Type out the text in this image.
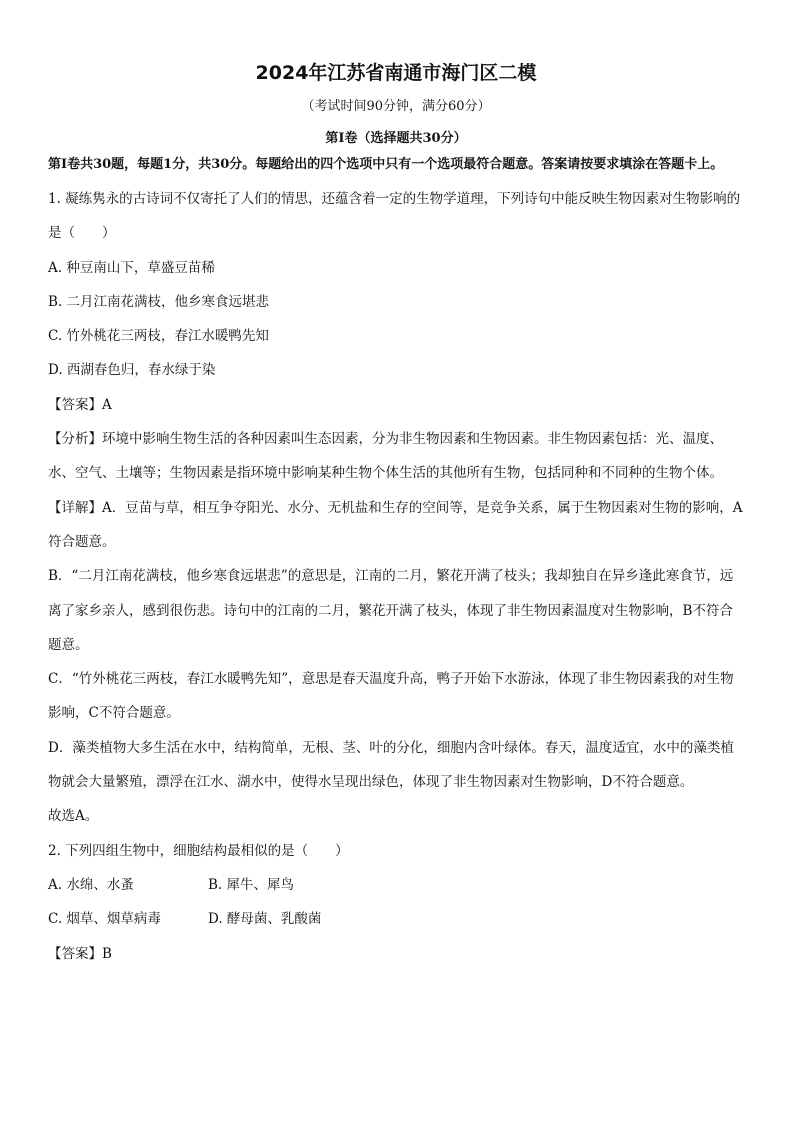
2024年江苏省南通市海门区二模
（考试时间90分钟，满分60分）
第Ⅰ卷（选择题共30分）
第Ⅰ卷共30题，每题1分，共30分。每题给出的四个选项中只有一个选项最符合题意。答案请按要求填涂在答题卡上。

1. 凝练隽永的古诗词不仅寄托了人们的情思，还蕴含着一定的生物学道理，下列诗句中能反映生物因素对生物影响的是（　　）

A. 种豆南山下，草盛豆苗稀

B. 二月江南花满枝，他乡寒食远堪悲

C. 竹外桃花三两枝，春江水暖鸭先知

D. 西湖春色归，春水绿于染

【答案】A

【分析】环境中影响生物生活的各种因素叫生态因素，分为非生物因素和生物因素。非生物因素包括：光、温度、水、空气、土壤等；生物因素是指环境中影响某种生物个体生活的其他所有生物，包括同种和不同种的生物个体。

【详解】A．豆苗与草，相互争夺阳光、水分、无机盐和生存的空间等，是竞争关系，属于生物因素对生物的影响，A符合题意。

B．“二月江南花满枝，他乡寒食远堪悲”的意思是，江南的二月，繁花开满了枝头；我却独自在异乡逢此寒食节，远离了家乡亲人，感到很伤悲。诗句中的江南的二月，繁花开满了枝头，体现了非生物因素温度对生物影响，B不符合题意。

C．“竹外桃花三两枝，春江水暖鸭先知”，意思是春天温度升高，鸭子开始下水游泳，体现了非生物因素我的对生物影响，C不符合题意。

D．藻类植物大多生活在水中，结构简单，无根、茎、叶的分化，细胞内含叶绿体。春天，温度适宜，水中的藻类植物就会大量繁殖，漂浮在江水、湖水中，使得水呈现出绿色，体现了非生物因素对生物影响，D不符合题意。

故选A。

2. 下列四组生物中，细胞结构最相似的是（　　）

A. 水绵、水蚤	B. 犀牛、犀鸟
C. 烟草、烟草病毒	D. 酵母菌、乳酸菌

【答案】B
